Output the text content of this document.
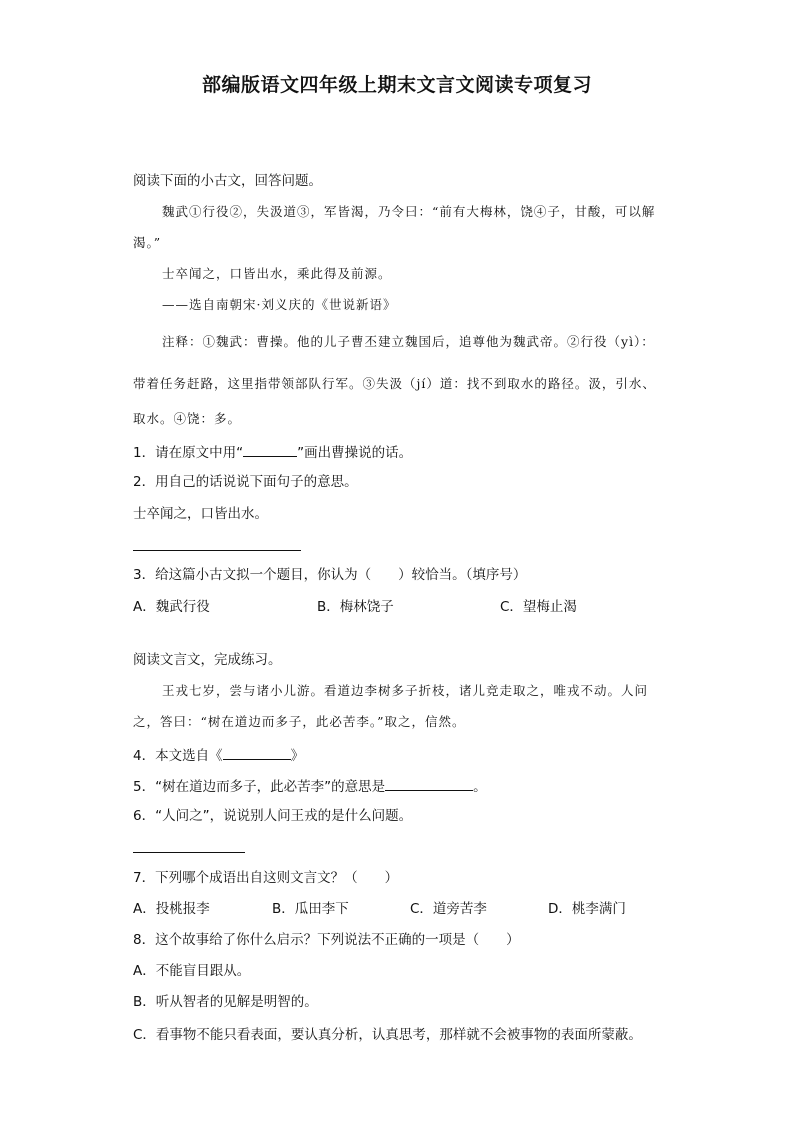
部编版语文四年级上期末文言文阅读专项复习
阅读下面的小古文，回答问题。
魏武①行役②，失汲道③，军皆渴，乃令曰：“前有大梅林，饶④子，甘酸，可以解
渴。”
士卒闻之，口皆出水，乘此得及前源。
——选自南朝宋·刘义庆的《世说新语》
注释：①魏武：曹操。他的儿子曹丕建立魏国后，追尊他为魏武帝。②行役（yì）：
带着任务赶路，这里指带领部队行军。③失汲（jí）道：找不到取水的路径。汲，引水、
取水。④饶：多。
1．请在原文中用“	”画出曹操说的话。
2．用自己的话说说下面句子的意思。
士卒闻之，口皆出水。
3．给这篇小古文拟一个题目，你认为（　　）较恰当。（填序号）
A．魏武行役	B．梅林饶子	C．望梅止渴
阅读文言文，完成练习。
王戎七岁，尝与诸小儿游。看道边李树多子折枝，诸儿竞走取之，唯戎不动。人问
之，答曰：“树在道边而多子，此必苦李。”取之，信然。
4．本文选自《	》
5．“树在道边而多子，此必苦李”的意思是	。
6．“人问之”，说说别人问王戎的是什么问题。
7．下列哪个成语出自这则文言文？（　　）
A．投桃报李	B．瓜田李下	C．道旁苦李	D．桃李满门
8．这个故事给了你什么启示？下列说法不正确的一项是（　　）
A．不能盲目跟从。
B．听从智者的见解是明智的。
C．看事物不能只看表面，要认真分析，认真思考，那样就不会被事物的表面所蒙蔽。
